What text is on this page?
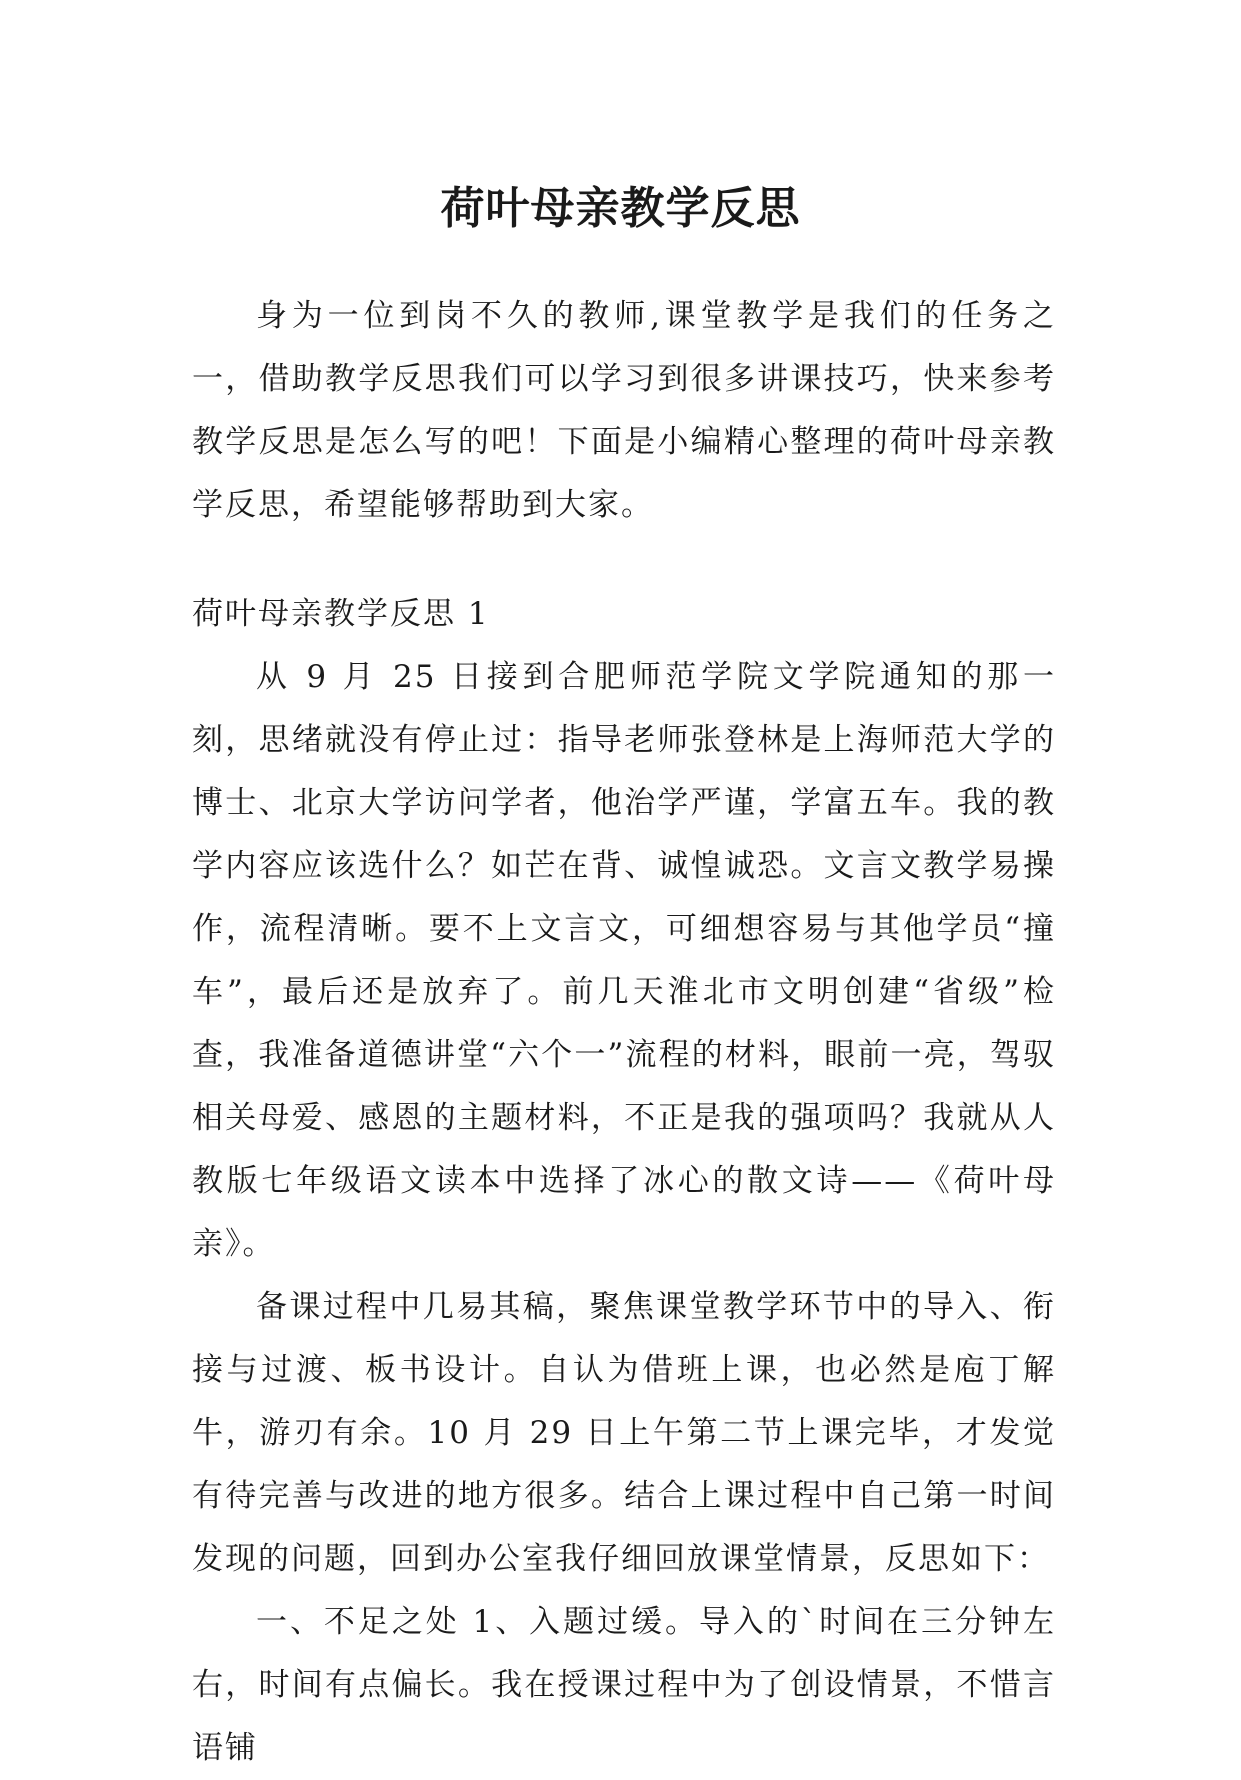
荷叶母亲教学反思

身为一位到岗不久的教师,课堂教学是我们的任务之一，借助教学反思我们可以学习到很多讲课技巧，快来参考教学反思是怎么写的吧！下面是小编精心整理的荷叶母亲教学反思，希望能够帮助到大家。

荷叶母亲教学反思 1

从 9 月 25 日接到合肥师范学院文学院通知的那一刻，思绪就没有停止过：指导老师张登林是上海师范大学的博士、北京大学访问学者，他治学严谨，学富五车。我的教学内容应该选什么？如芒在背、诚惶诚恐。文言文教学易操作，流程清晰。要不上文言文，可细想容易与其他学员“撞车”，最后还是放弃了。前几天淮北市文明创建“省级”检查，我准备道德讲堂“六个一”流程的材料，眼前一亮，驾驭相关母爱、感恩的主题材料，不正是我的强项吗？我就从人教版七年级语文读本中选择了冰心的散文诗——《荷叶母亲》。

备课过程中几易其稿，聚焦课堂教学环节中的导入、衔接与过渡、板书设计。自认为借班上课，也必然是庖丁解牛，游刃有余。10 月 29 日上午第二节上课完毕，才发觉有待完善与改进的地方很多。结合上课过程中自己第一时间发现的问题，回到办公室我仔细回放课堂情景，反思如下：

一、不足之处 1、入题过缓。导入的`时间在三分钟左右，时间有点偏长。我在授课过程中为了创设情景，不惜言语铺
